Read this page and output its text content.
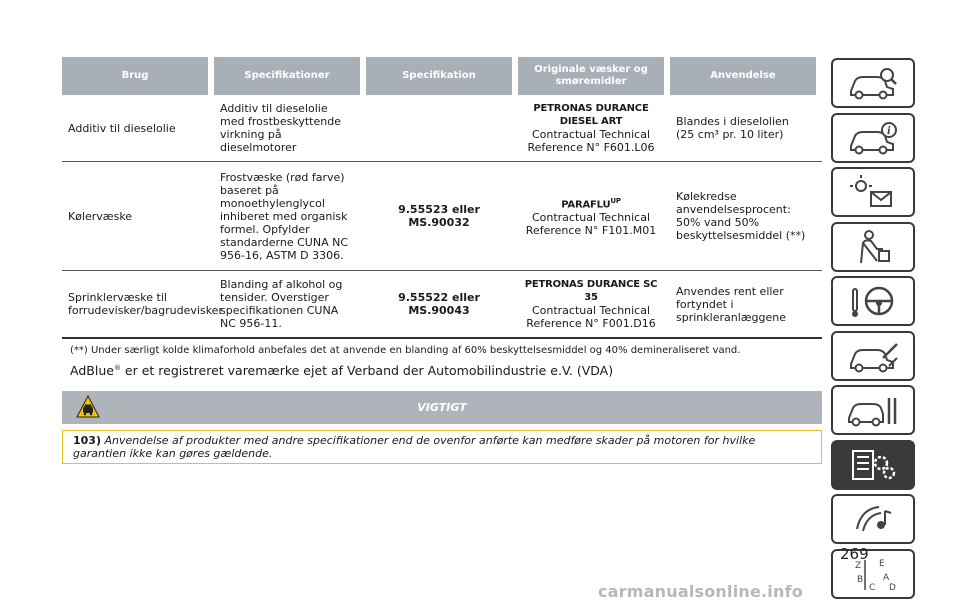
Brug	Specifikationer	Specifikation
Originale væsker og smøremidler
Anvendelse
Additiv til dieselolie
Additiv til dieselolie med frostbeskyttende virkning på dieselmotorer
PETRONAS DURANCE DIESEL ART
Contractual Technical Reference N° F601.L06
Blandes i dieselolien (25 cm³ pr. 10 liter)
Kølervæske
Frostvæske (rød farve) baseret på monoethylenglycol inhiberet med organisk formel. Opfylder standarderne CUNA NC 956-16, ASTM D 3306.
9.55523 eller MS.90032
$PARAFLU^{UP}$
Contractual Technical Reference N° F101.M01
Kølekredse anvendelsesprocent: 50% vand 50% beskyttelsesmiddel (**)
Sprinklervæske til forrudevisker/bagrudevisker
Blanding af alkohol og tensider. Overstiger specifikationen CUNA NC 956-11.
9.55522 eller MS.90043
PETRONAS DURANCE SC 35
Contractual Technical Reference N° F001.D16
Anvendes rent eller fortyndet i sprinkleranlæggene
(**) Under særligt kolde klimaforhold anbefales det at anvende en blanding af 60% beskyttelsesmiddel og 40% demineraliseret vand.
AdBlue® er et registreret varemærke ejet af Verband der Automobilindustrie e.V. (VDA)
VIGTIGT
103) Anvendelse af produkter med andre specifikationer end de ovenfor anførte kan medføre skader på motoren for hvilke garantien ikke kan gøres gældende.
i
Z E
B A
C D
269
carmanualsonline.info
